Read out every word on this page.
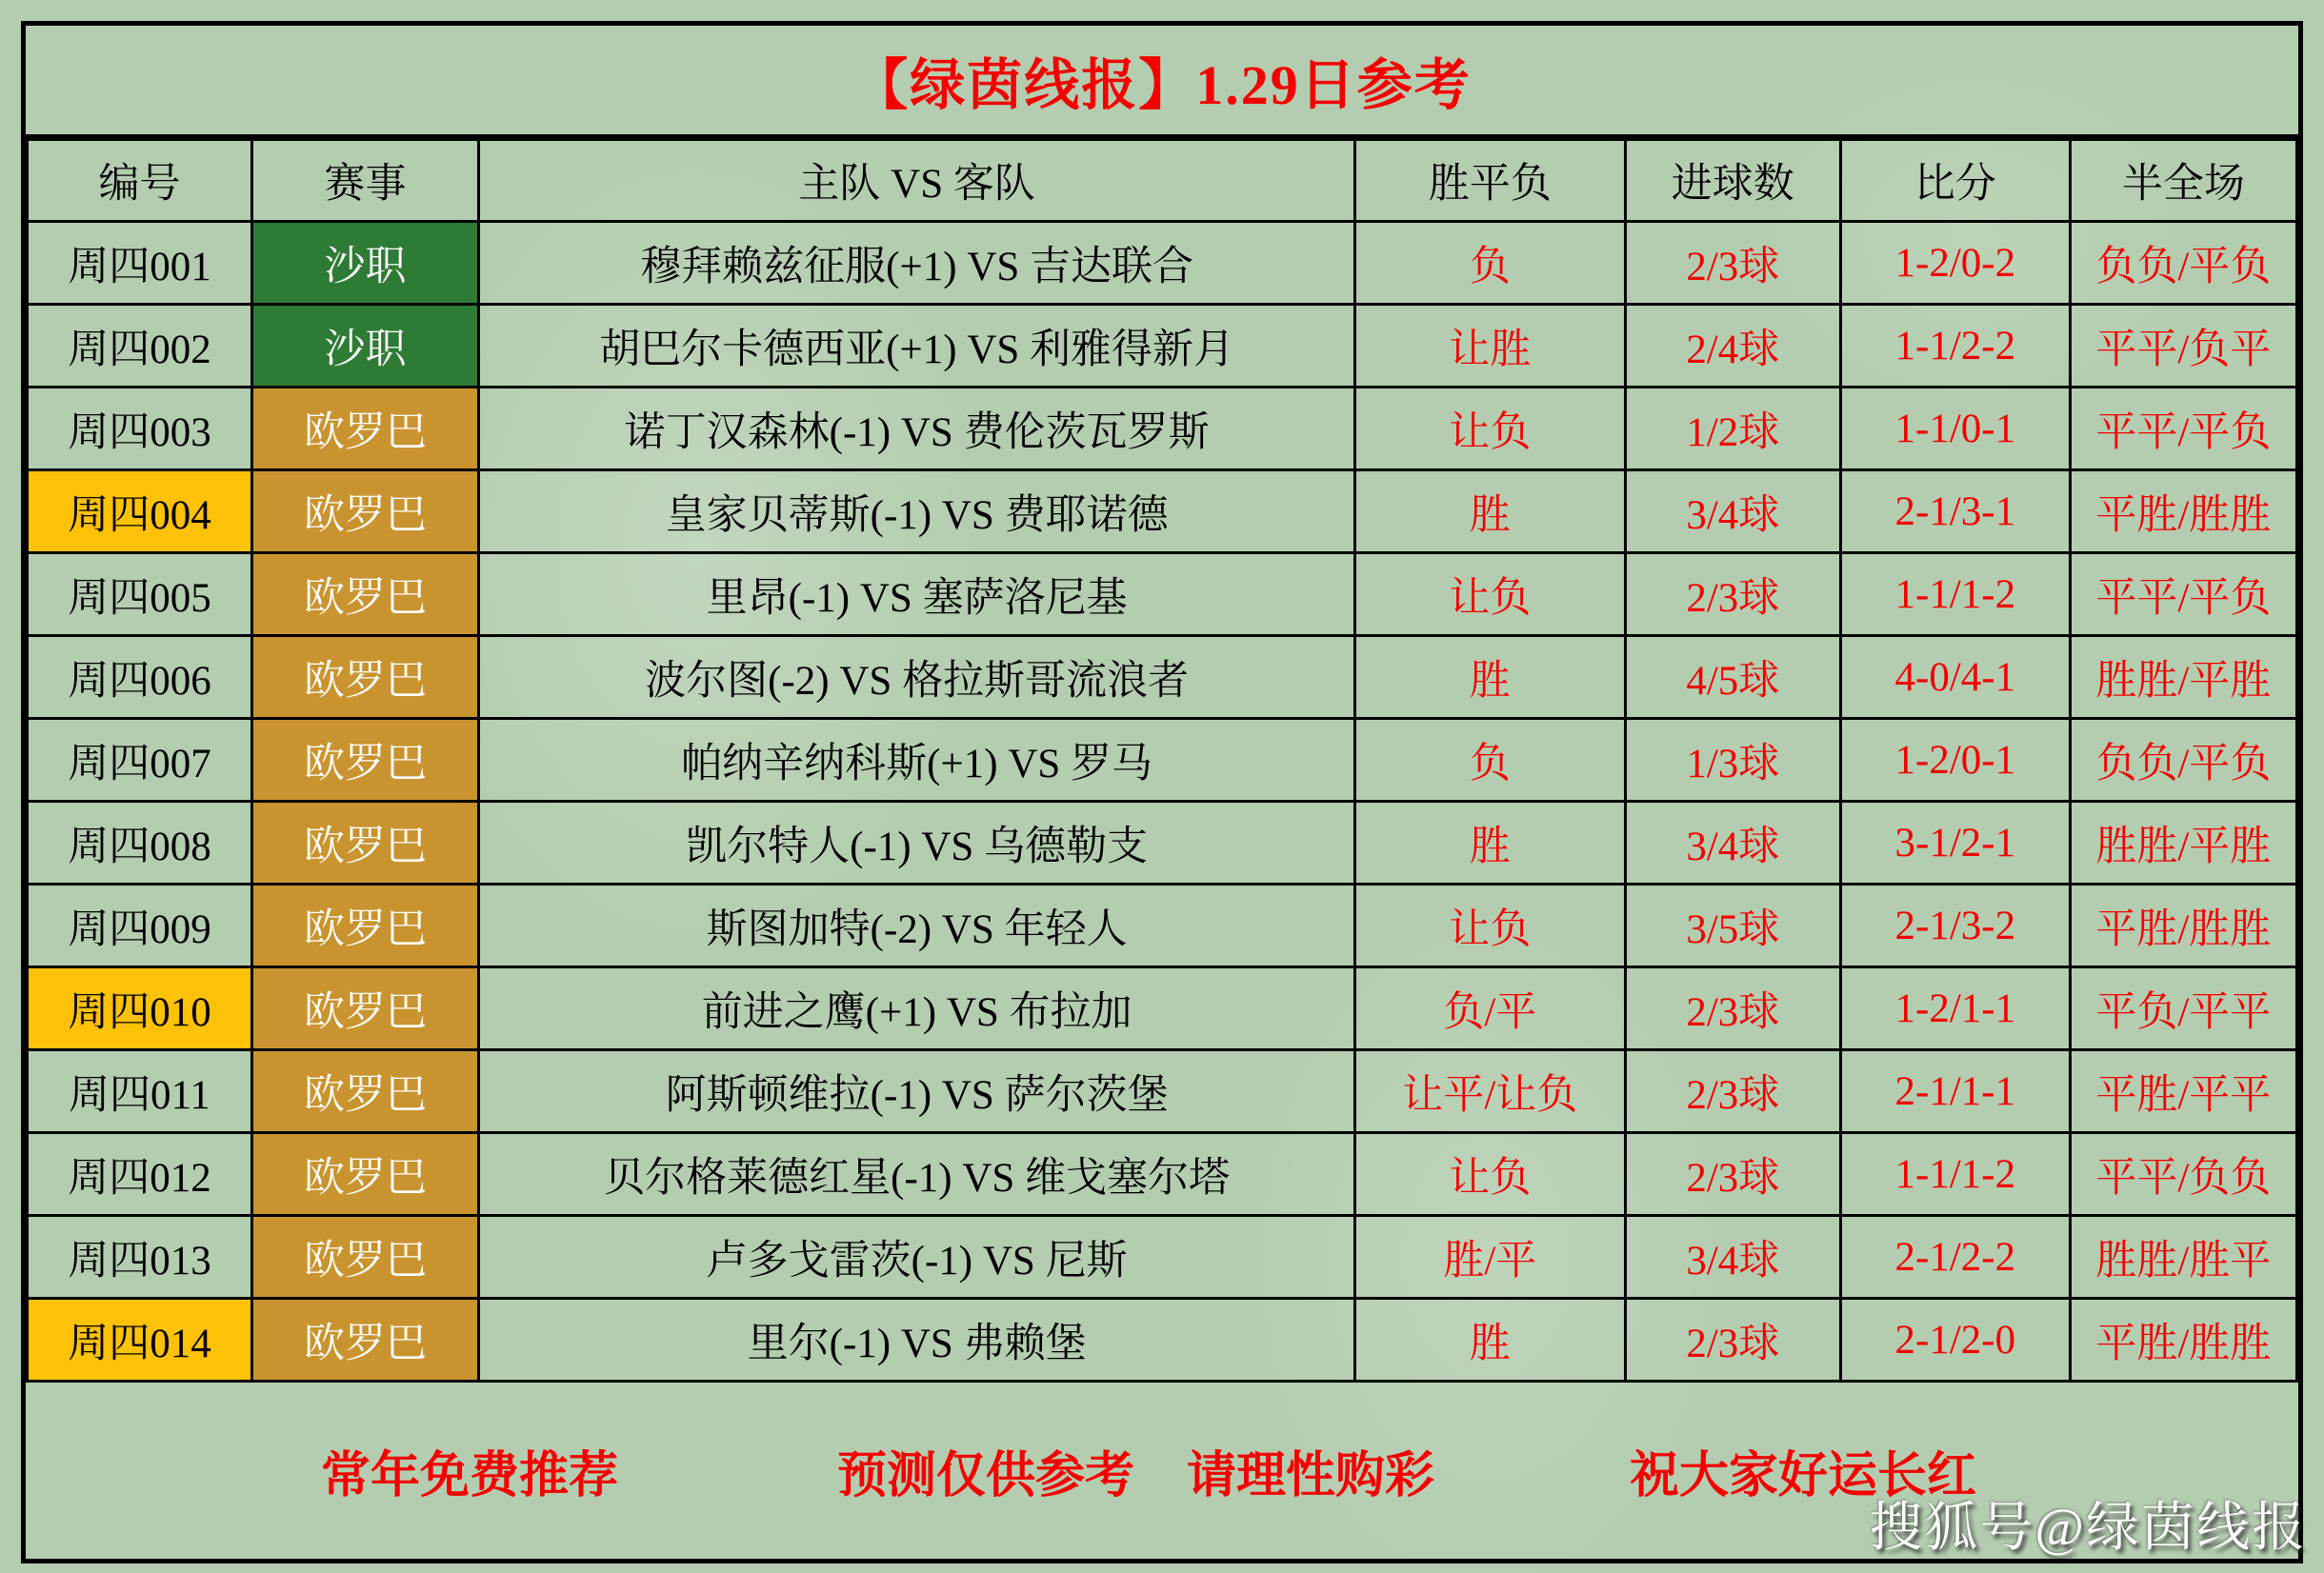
【绿茵线报】1.29日参考
编号	赛事	主队 VS 客队	胜平负	进球数	比分	半全场
周四001	沙职	穆拜赖兹征服(+1) VS 吉达联合	负	2/3球	1-2/0-2	负负/平负
周四002	沙职	胡巴尔卡德西亚(+1) VS 利雅得新月	让胜	2/4球	1-1/2-2	平平/负平
周四003	欧罗巴	诺丁汉森林(-1) VS 费伦茨瓦罗斯	让负	1/2球	1-1/0-1	平平/平负
周四004	欧罗巴	皇家贝蒂斯(-1) VS 费耶诺德	胜	3/4球	2-1/3-1	平胜/胜胜
周四005	欧罗巴	里昂(-1) VS 塞萨洛尼基	让负	2/3球	1-1/1-2	平平/平负
周四006	欧罗巴	波尔图(-2) VS 格拉斯哥流浪者	胜	4/5球	4-0/4-1	胜胜/平胜
周四007	欧罗巴	帕纳辛纳科斯(+1) VS 罗马	负	1/3球	1-2/0-1	负负/平负
周四008	欧罗巴	凯尔特人(-1) VS 乌德勒支	胜	3/4球	3-1/2-1	胜胜/平胜
周四009	欧罗巴	斯图加特(-2) VS 年轻人	让负	3/5球	2-1/3-2	平胜/胜胜
周四010	欧罗巴	前进之鹰(+1) VS 布拉加	负/平	2/3球	1-2/1-1	平负/平平
周四011	欧罗巴	阿斯顿维拉(-1) VS 萨尔茨堡	让平/让负	2/3球	2-1/1-1	平胜/平平
周四012	欧罗巴	贝尔格莱德红星(-1) VS 维戈塞尔塔	让负	2/3球	1-1/1-2	平平/负负
周四013	欧罗巴	卢多戈雷茨(-1) VS 尼斯	胜/平	3/4球	2-1/2-2	胜胜/胜平
周四014	欧罗巴	里尔(-1) VS 弗赖堡	胜	2/3球	2-1/2-0	平胜/胜胜
常年免费推荐	预测仅供参考 请理性购彩	祝大家好运长红
搜狐号@绿茵线报
